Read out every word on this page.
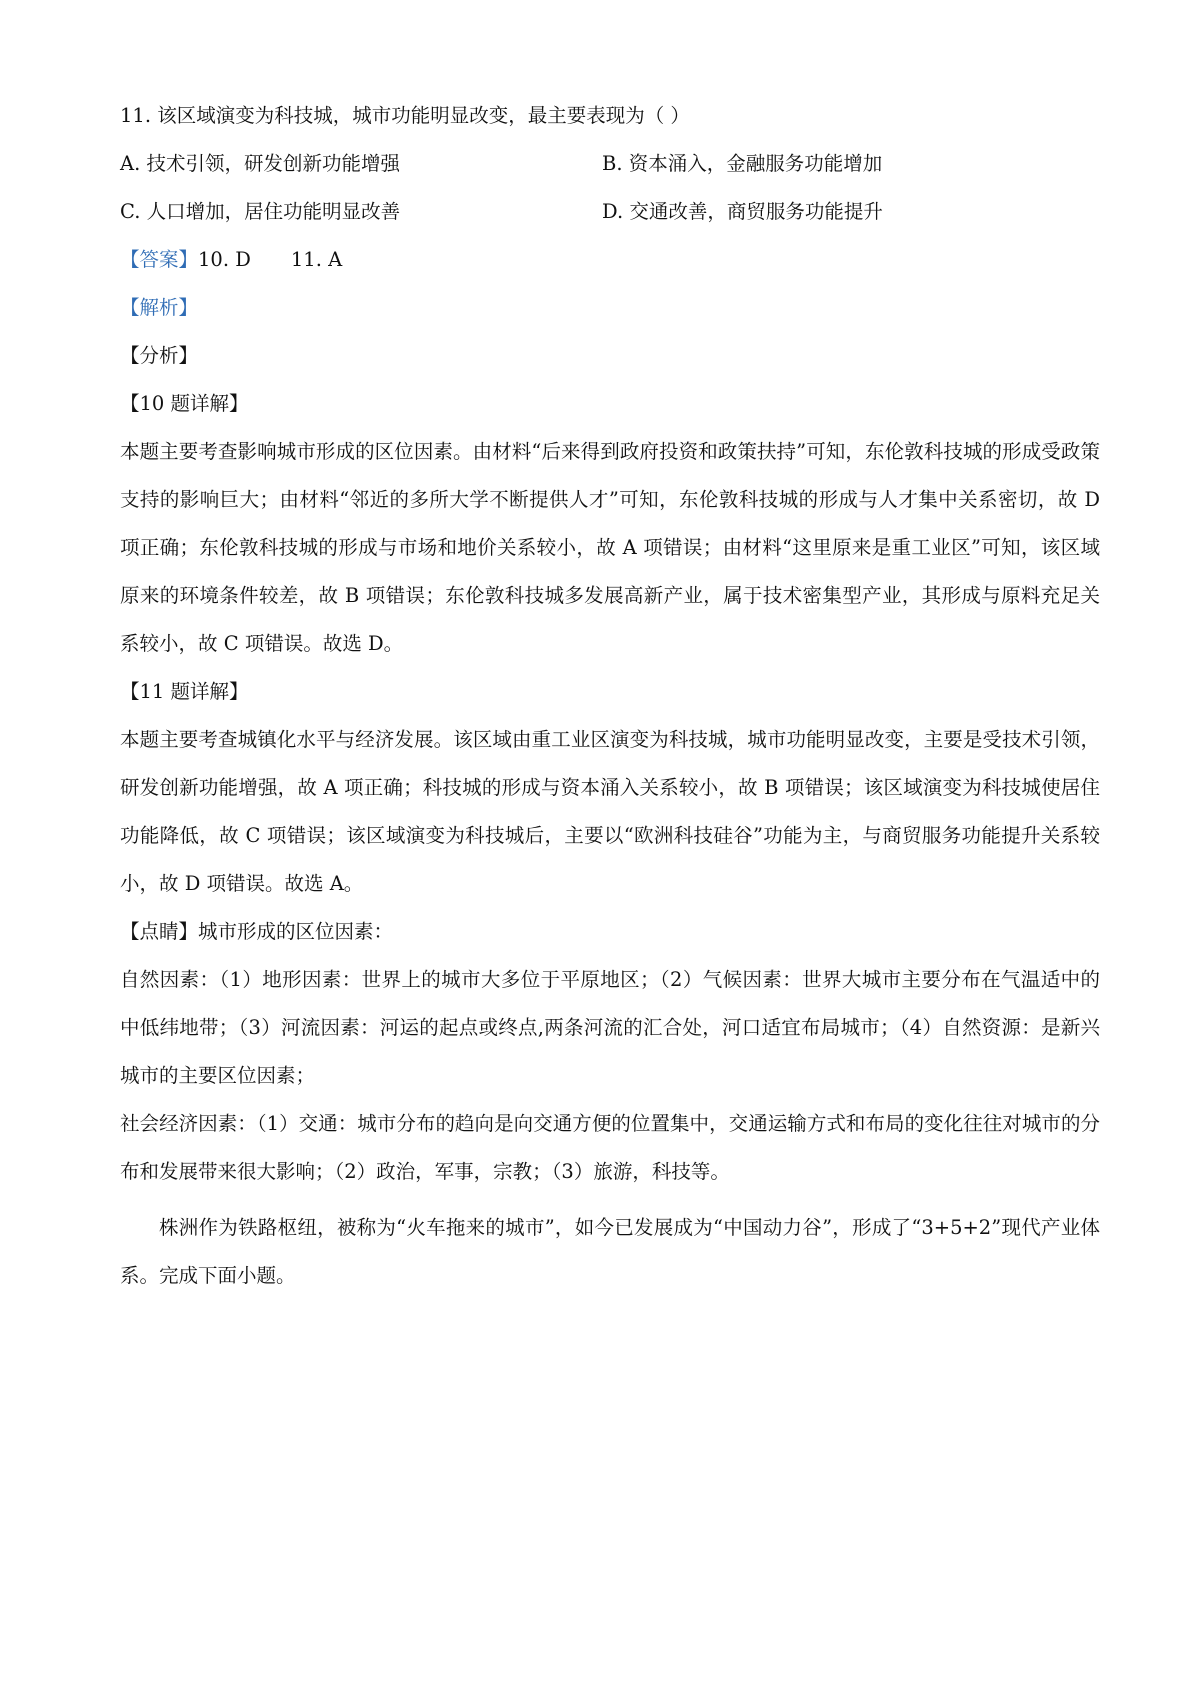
11. 该区域演变为科技城，城市功能明显改变，最主要表现为（ ）
A. 技术引领，研发创新功能增强	B. 资本涌入，金融服务功能增加
C. 人口增加，居住功能明显改善	D. 交通改善，商贸服务功能提升
【答案】10. D 11. A
【解析】
【分析】
【10 题详解】

本题主要考查影响城市形成的区位因素。由材料“后来得到政府投资和政策扶持”可知，东伦敦科技城的形成受政策支持的影响巨大；由材料“邻近的多所大学不断提供人才”可知，东伦敦科技城的形成与人才集中关系密切，故 D 项正确；东伦敦科技城的形成与市场和地价关系较小，故 A 项错误；由材料“这里原来是重工业区”可知，该区域原来的环境条件较差，故 B 项错误；东伦敦科技城多发展高新产业，属于技术密集型产业，其形成与原料充足关系较小，故 C 项错误。故选 D。

【11 题详解】

本题主要考查城镇化水平与经济发展。该区域由重工业区演变为科技城，城市功能明显改变，主要是受技术引领，研发创新功能增强，故 A 项正确；科技城的形成与资本涌入关系较小，故 B 项错误；该区域演变为科技城使居住功能降低，故 C 项错误；该区域演变为科技城后，主要以“欧洲科技硅谷”功能为主，与商贸服务功能提升关系较小，故 D 项错误。故选 A。

【点睛】城市形成的区位因素：

自然因素：（1）地形因素：世界上的城市大多位于平原地区；（2）气候因素：世界大城市主要分布在气温适中的中低纬地带；（3）河流因素：河运的起点或终点,两条河流的汇合处，河口适宜布局城市；（4）自然资源：是新兴城市的主要区位因素；

社会经济因素：（1）交通：城市分布的趋向是向交通方便的位置集中，交通运输方式和布局的变化往往对城市的分布和发展带来很大影响；（2）政治，军事，宗教；（3）旅游，科技等。

株洲作为铁路枢纽，被称为“火车拖来的城市”，如今已发展成为“中国动力谷”，形成了“3+5+2”现代产业体系。完成下面小题。
